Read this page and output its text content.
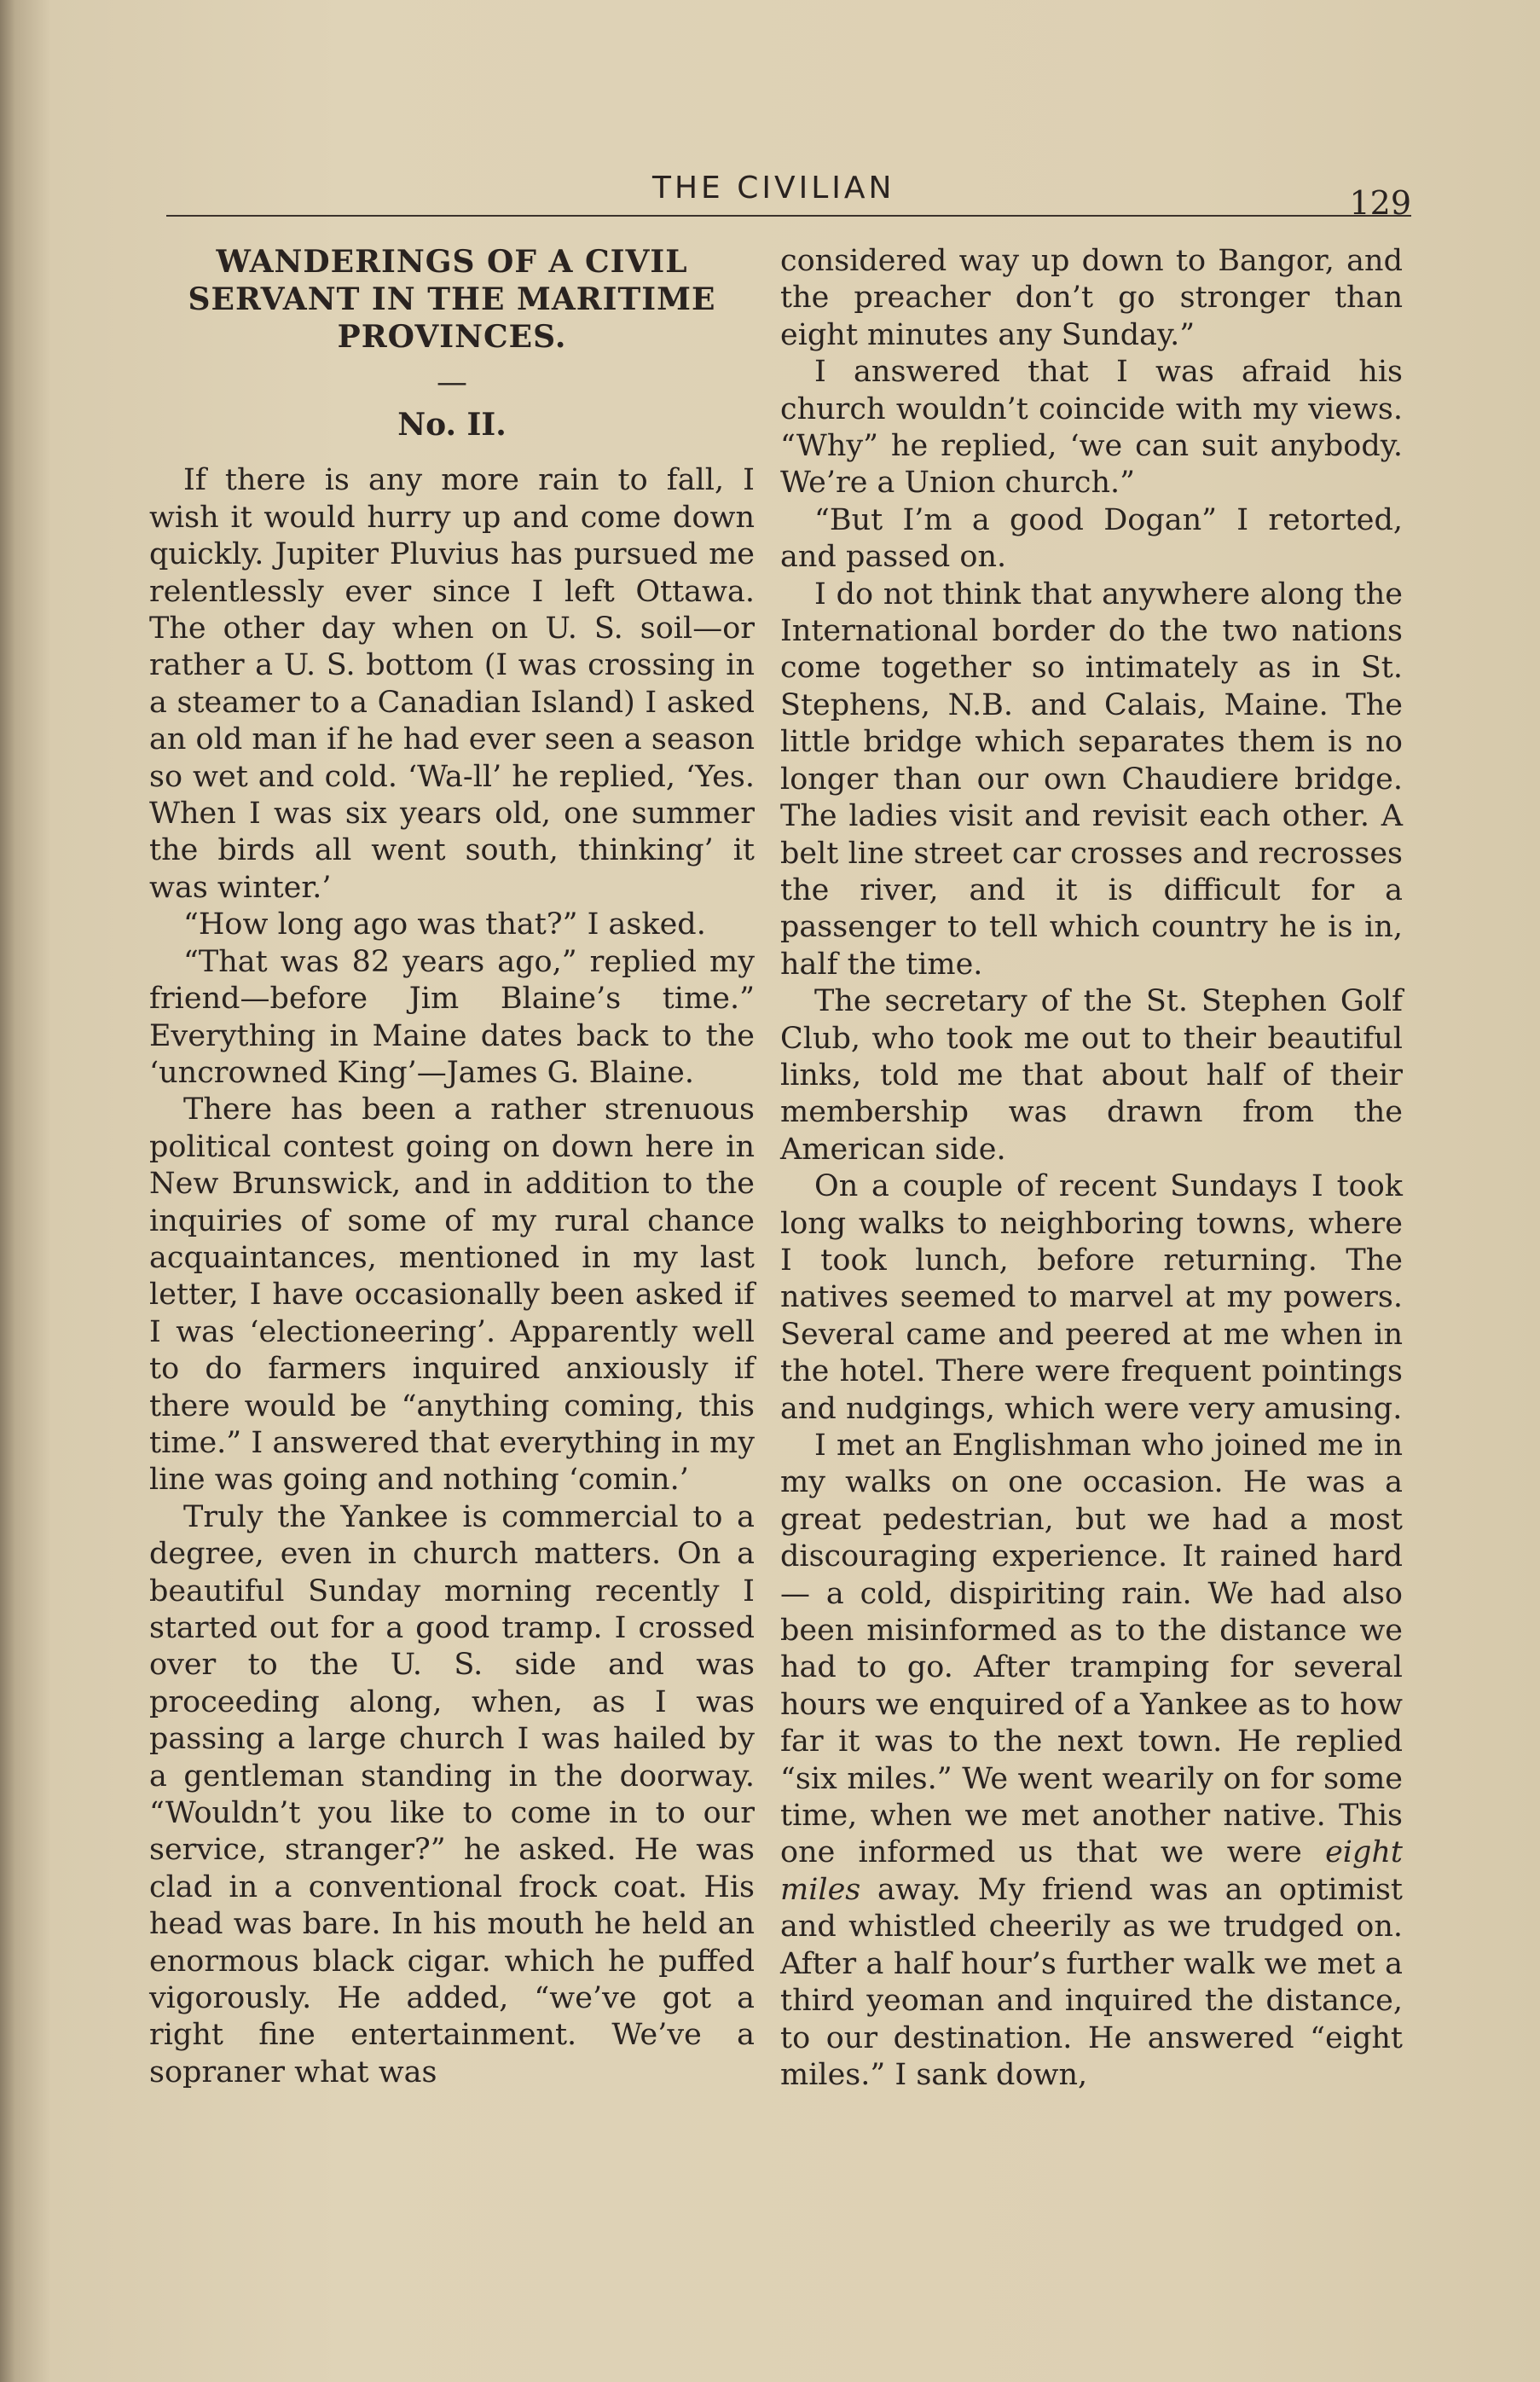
THE CIVILIAN	129
WANDERINGS OF A CIVIL SERVANT IN THE MARITIME PROVINCES.
—
No. II.

If there is any more rain to fall, I wish it would hurry up and come down quickly. Jupiter Pluvius has pursued me relentlessly ever since I left Ottawa. The other day when on U. S. soil—or rather a U. S. bottom (I was crossing in a steamer to a Canadian Island) I asked an old man if he had ever seen a season so wet and cold. ‘Wa-ll’ he replied, ‘Yes. When I was six years old, one summer the birds all went south, thinking’ it was winter.’

“How long ago was that?” I asked.

“That was 82 years ago,” replied my friend—before Jim Blaine’s time.” Everything in Maine dates back to the ‘uncrowned King’—James G. Blaine.

There has been a rather strenuous political contest going on down here in New Brunswick, and in addition to the inquiries of some of my rural chance acquaintances, mentioned in my last letter, I have occasionally been asked if I was ‘electioneering’. Apparently well to do farmers inquired anxiously if there would be “anything coming, this time.” I answered that everything in my line was going and nothing ‘comin.’

Truly the Yankee is commercial to a degree, even in church matters. On a beautiful Sunday morning recently I started out for a good tramp. I crossed over to the U. S. side and was proceeding along, when, as I was passing a large church I was hailed by a gentleman standing in the doorway. “Wouldn’t you like to come in to our service, stranger?” he asked. He was clad in a conventional frock coat. His head was bare. In his mouth he held an enormous black cigar. which he puffed vigorously. He added, “we’ve got a right fine entertainment. We’ve a sopraner what was

considered way up down to Bangor, and the preacher don’t go stronger than eight minutes any Sunday.”

I answered that I was afraid his church wouldn’t coincide with my views. “Why” he replied, ‘we can suit anybody. We’re a Union church.”

“But I’m a good Dogan” I retorted, and passed on.

I do not think that anywhere along the International border do the two nations come together so intimately as in St. Stephens, N.B. and Calais, Maine. The little bridge which separates them is no longer than our own Chaudiere bridge. The ladies visit and revisit each other. A belt line street car crosses and recrosses the river, and it is difficult for a passenger to tell which country he is in, half the time.

The secretary of the St. Stephen Golf Club, who took me out to their beautiful links, told me that about half of their membership was drawn from the American side.

On a couple of recent Sundays I took long walks to neighboring towns, where I took lunch, before returning. The natives seemed to marvel at my powers. Several came and peered at me when in the hotel. There were frequent pointings and nudgings, which were very amusing.

I met an Englishman who joined me in my walks on one occasion. He was a great pedestrian, but we had a most discouraging experience. It rained hard — a cold, dispiriting rain. We had also been misinformed as to the distance we had to go. After tramping for several hours we enquired of a Yankee as to how far it was to the next town. He replied “six miles.” We went wearily on for some time, when we met another native. This one informed us that we were eight miles away. My friend was an optimist and whistled cheerily as we trudged on. After a half hour’s further walk we met a third yeoman and inquired the distance, to our destination. He answered “eight miles.” I sank down,
